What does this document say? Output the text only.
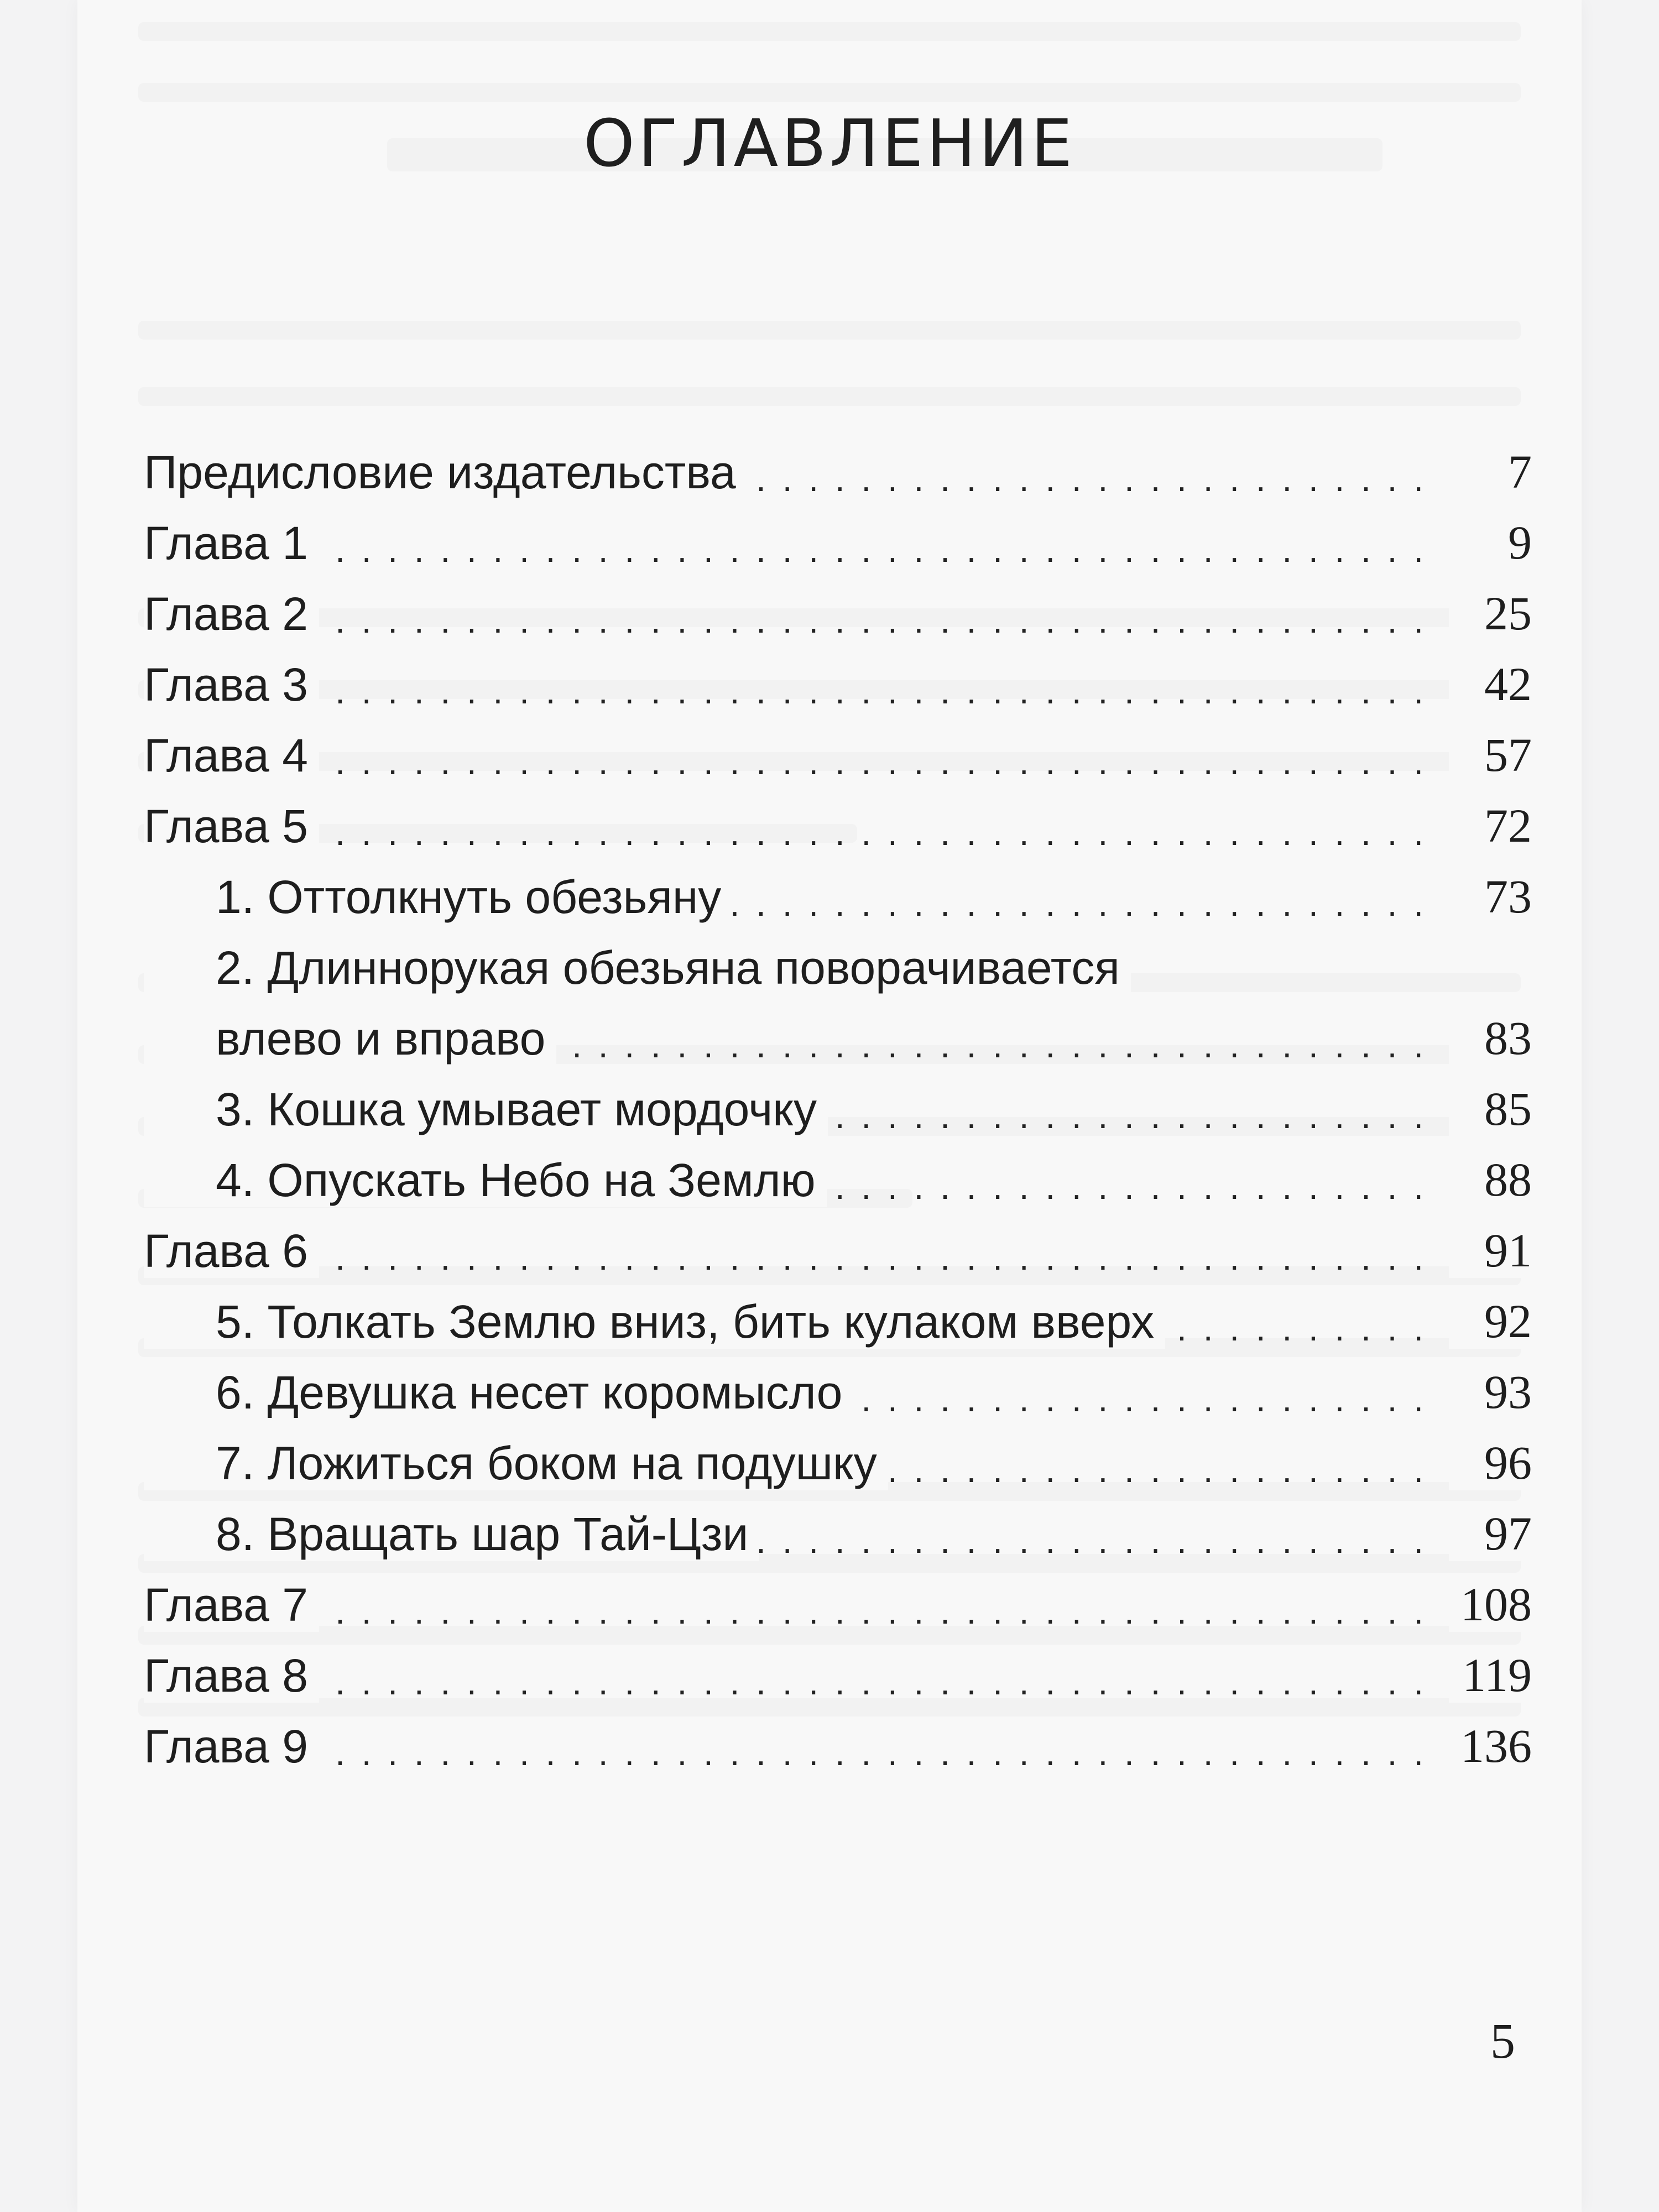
ОГЛАВЛЕНИЕ
Предисловие издательства . . .	7
Глава 1 . . .	9
Глава 2 . . .	25
Глава 3 . . .	42
Глава 4 . . .	57
Глава 5 . . .	72
1. Оттолкнуть обезьяну . . .	73
2. Длиннорукая обезьяна поворачивается
влево и вправо . . .	83
3. Кошка умывает мордочку . . .	85
4. Опускать Небо на Землю . . .	88
Глава 6 . . .	91
5. Толкать Землю вниз, бить кулаком вверх . . .	92
6. Девушка несет коромысло . . .	93
7. Ложиться боком на подушку . . .	96
8. Вращать шар Тай-Цзи . . .	97
Глава 7 . . .	108
Глава 8 . . .	119
Глава 9 . . .	136
5
